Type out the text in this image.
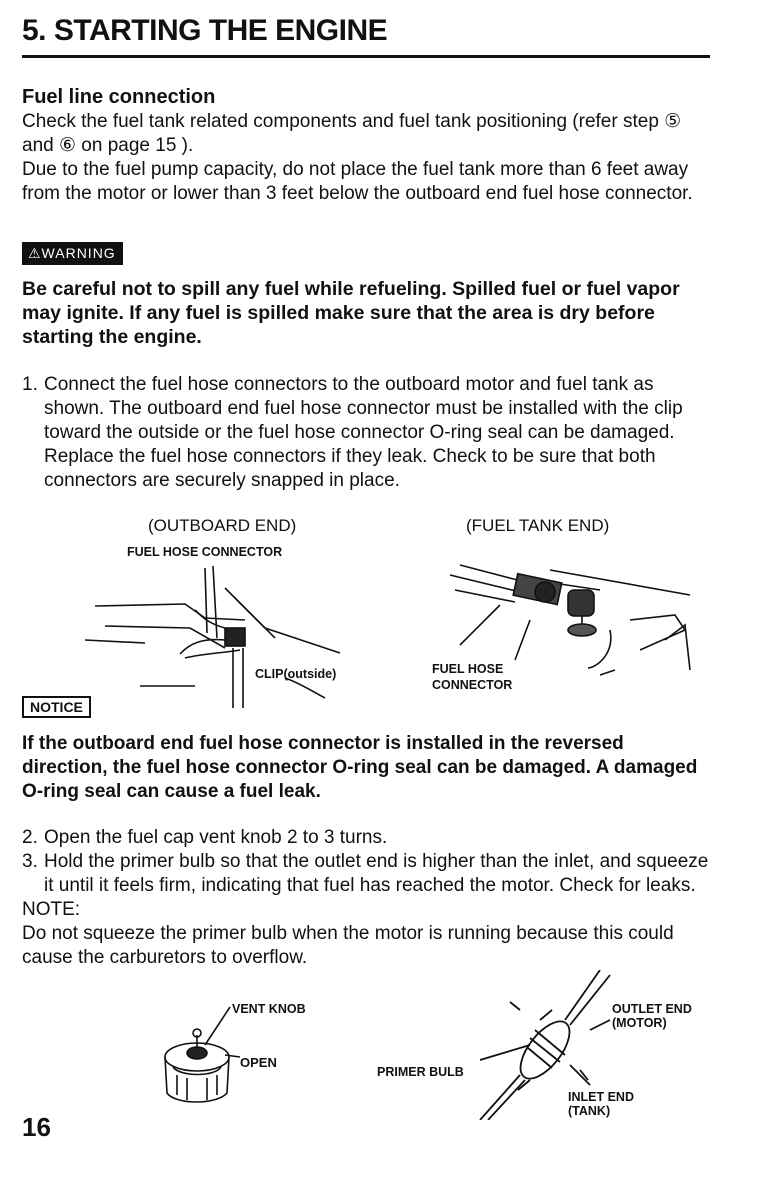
5. STARTING THE ENGINE
Fuel line connection
Check the fuel tank related components and fuel tank positioning (refer step ⑤ and ⑥ on page 15 ).
Due to the fuel pump capacity, do not place the fuel tank more than 6 feet away from the motor or lower than 3 feet below the outboard end fuel hose connector.
⚠WARNING
Be careful not to spill any fuel while refueling. Spilled fuel or fuel vapor may ignite. If any fuel is spilled make sure that the area is dry before starting the engine.
1. Connect the fuel hose connectors to the outboard motor and fuel tank as shown. The outboard end fuel hose connector must be installed with the clip toward the outside or the fuel hose connector O-ring seal can be damaged. Replace the fuel hose connectors if they leak. Check to be sure that both connectors are securely snapped in place.
(OUTBOARD END)	(FUEL TANK END)
FUEL HOSE CONNECTOR
CLIP(outside)	FUEL HOSE
CONNECTOR
NOTICE
If the outboard end fuel hose connector is installed in the reversed direction, the fuel hose connector O-ring seal can be damaged. A damaged O-ring seal can cause a fuel leak.
2. Open the fuel cap vent knob 2 to 3 turns.
3. Hold the primer bulb so that the outlet end is higher than the inlet, and squeeze it until it feels firm, indicating that fuel has reached the motor. Check for leaks.
NOTE:
Do not squeeze the primer bulb when the motor is running because this could cause the carburetors to overflow.
VENT KNOB
OPEN
PRIMER BULB
OUTLET END
(MOTOR)
INLET END
(TANK)
16
